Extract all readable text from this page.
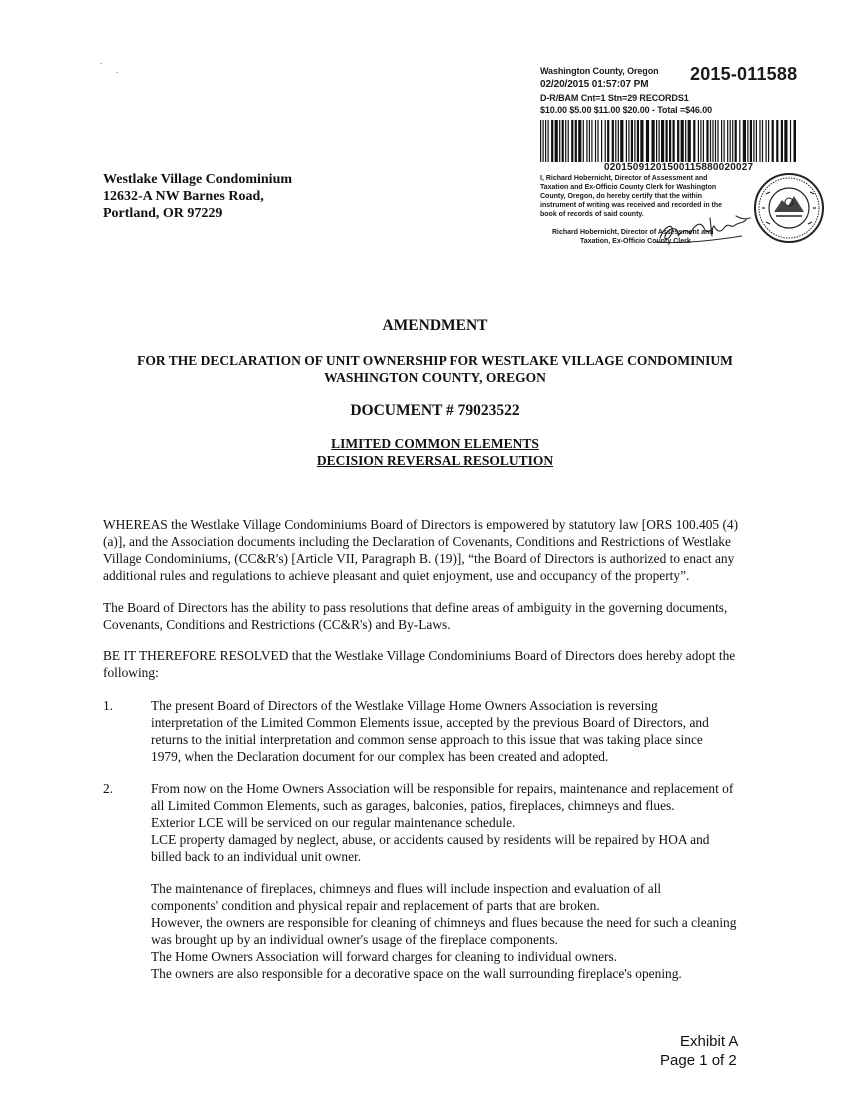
Washington County, Oregon
02/20/2015 01:57:07 PM
2015-011588
D-R/BAM Cnt=1 Stn=29 RECORDS1
$10.00 $5.00 $11.00 $20.00 - Total =$46.00
02015091201500115880020027
I, Richard Hobernicht, Director of Assessment and
Taxation and Ex-Officio County Clerk for Washington
County, Oregon, do hereby certify that the within
instrument of writing was received and recorded in the
book of records of said county.
Richard Hobernicht, Director of Assessment and
Taxation, Ex-Officio County Clerk
Westlake Village Condominium
12632-A NW Barnes Road,
Portland, OR 97229
AMENDMENT
FOR THE DECLARATION OF UNIT OWNERSHIP FOR WESTLAKE VILLAGE CONDOMINIUM
WASHINGTON COUNTY, OREGON
DOCUMENT # 79023522
LIMITED COMMON ELEMENTS
DECISION REVERSAL RESOLUTION
WHEREAS the Westlake Village Condominiums Board of Directors is empowered by statutory law [ORS 100.405 (4)
(a)], and the Association documents including the Declaration of Covenants, Conditions and Restrictions of Westlake
Village Condominiums, (CC&R's) [Article VII, Paragraph B. (19)], “the Board of Directors is authorized to enact any
additional rules and regulations to achieve pleasant and quiet enjoyment, use and occupancy of the property”.
The Board of Directors has the ability to pass resolutions that define areas of ambiguity in the governing documents,
Covenants, Conditions and Restrictions (CC&R's) and By-Laws.
BE IT THEREFORE RESOLVED that the Westlake Village Condominiums Board of Directors does hereby adopt the
following:
1.	The present Board of Directors of the Westlake Village Home Owners Association is reversing
interpretation of the Limited Common Elements issue, accepted by the previous Board of Directors, and
returns to the initial interpretation and common sense approach to this issue that was taking place since
1979, when the Declaration document for our complex has been created and adopted.
2.	From now on the Home Owners Association will be responsible for repairs, maintenance and replacement of
all Limited Common Elements, such as garages, balconies, patios, fireplaces, chimneys and flues.
Exterior LCE will be serviced on our regular maintenance schedule.
LCE property damaged by neglect, abuse, or accidents caused by residents will be repaired by HOA and
billed back to an individual unit owner.
The maintenance of fireplaces, chimneys and flues will include inspection and evaluation of all
components' condition and physical repair and replacement of parts that are broken.
However, the owners are responsible for cleaning of chimneys and flues because the need for such a cleaning
was brought up by an individual owner's usage of the fireplace components.
The Home Owners Association will forward charges for cleaning to individual owners.
The owners are also responsible for a decorative space on the wall surrounding fireplace's opening.
Exhibit A
Page 1 of 2
